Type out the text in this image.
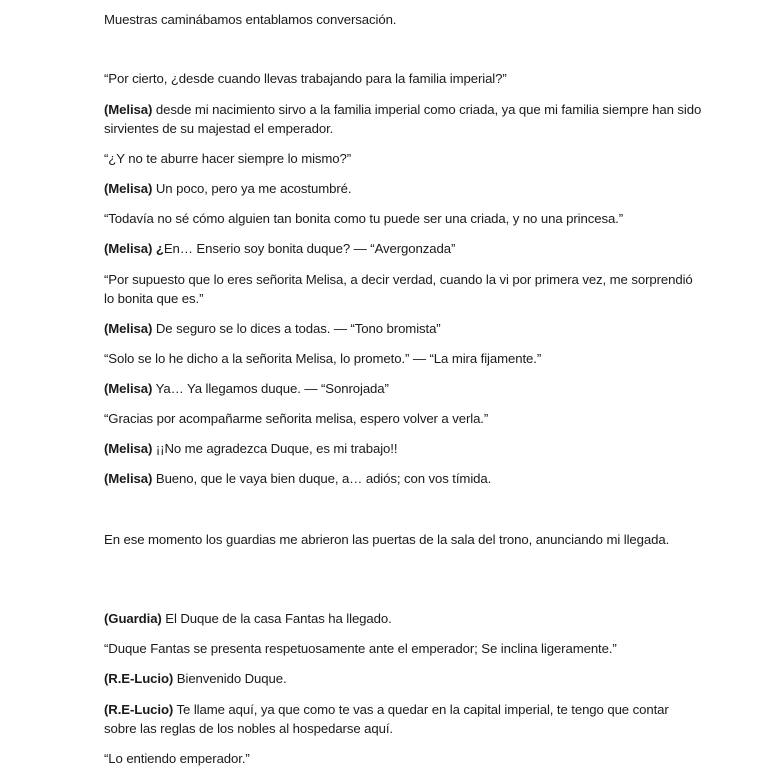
Muestras caminábamos entablamos conversación.

“Por cierto, ¿desde cuando llevas trabajando para la familia imperial?”

(Melisa) desde mi nacimiento sirvo a la familia imperial como criada, ya que mi familia siempre han sido sirvientes de su majestad el emperador.

“¿Y no te aburre hacer siempre lo mismo?”

(Melisa) Un poco, pero ya me acostumbré.

“Todavía no sé cómo alguien tan bonita como tu puede ser una criada, y no una princesa.”

(Melisa) ¿En… Enserio soy bonita duque? — “Avergonzada”

“Por supuesto que lo eres señorita Melisa, a decir verdad, cuando la vi por primera vez, me sorprendió lo bonita que es.”

(Melisa) De seguro se lo dices a todas. — “Tono bromista”

“Solo se lo he dicho a la señorita Melisa, lo prometo.” — “La mira fijamente.”

(Melisa) Ya… Ya llegamos duque. — “Sonrojada”

“Gracias por acompañarme señorita melisa, espero volver a verla.”

(Melisa) ¡¡No me agradezca Duque, es mi trabajo!!

(Melisa) Bueno, que le vaya bien duque, a… adiós; con vos tímida.

En ese momento los guardias me abrieron las puertas de la sala del trono, anunciando mi llegada.

(Guardia) El Duque de la casa Fantas ha llegado.

“Duque Fantas se presenta respetuosamente ante el emperador; Se inclina ligeramente.”

(R.E-Lucio) Bienvenido Duque.

(R.E-Lucio) Te llame aquí, ya que como te vas a quedar en la capital imperial, te tengo que contar sobre las reglas de los nobles al hospedarse aquí.

“Lo entiendo emperador.”
